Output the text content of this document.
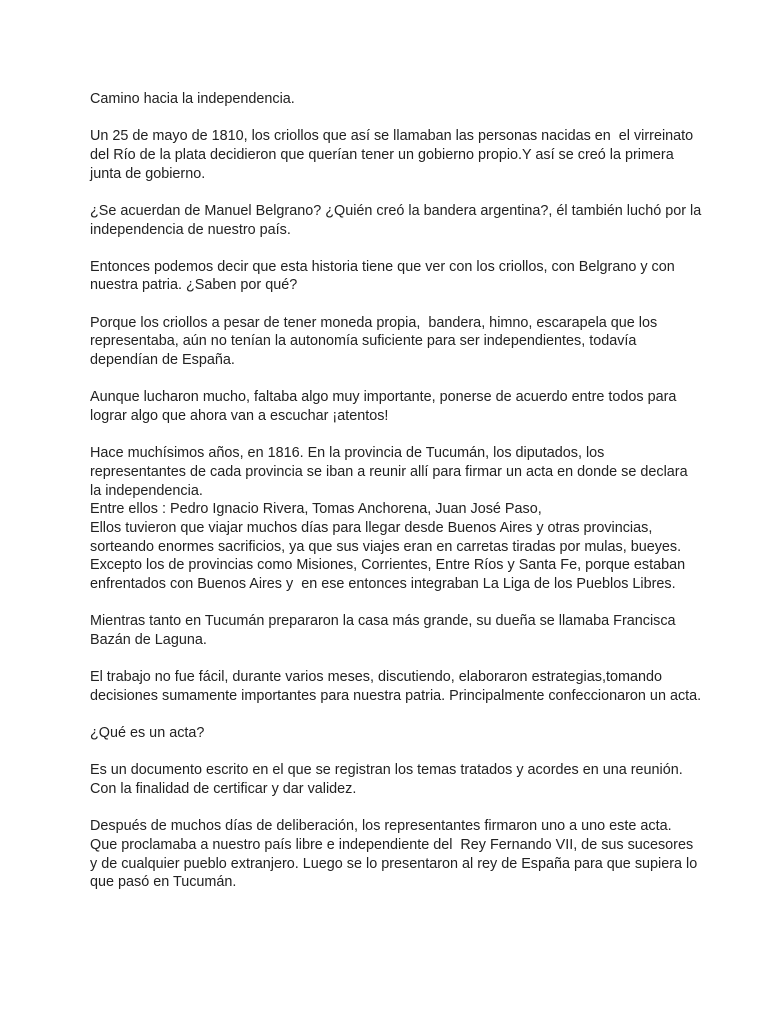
Camino hacia la independencia.
Un 25 de mayo de 1810, los criollos que así se llamaban las personas nacidas en  el virreinato
del Río de la plata decidieron que querían tener un gobierno propio.Y así se creó la primera
junta de gobierno.
¿Se acuerdan de Manuel Belgrano? ¿Quién creó la bandera argentina?, él también luchó por la
independencia de nuestro país.
Entonces podemos decir que esta historia tiene que ver con los criollos, con Belgrano y con
nuestra patria. ¿Saben por qué?
Porque los criollos a pesar de tener moneda propia,  bandera, himno, escarapela que los
representaba, aún no tenían la autonomía suficiente para ser independientes, todavía
dependían de España.
Aunque lucharon mucho, faltaba algo muy importante, ponerse de acuerdo entre todos para
lograr algo que ahora van a escuchar ¡atentos!
Hace muchísimos años, en 1816. En la provincia de Tucumán, los diputados, los
representantes de cada provincia se iban a reunir allí para firmar un acta en donde se declara
la independencia.
Entre ellos : Pedro Ignacio Rivera, Tomas Anchorena, Juan José Paso,
Ellos tuvieron que viajar muchos días para llegar desde Buenos Aires y otras provincias,
sorteando enormes sacrificios, ya que sus viajes eran en carretas tiradas por mulas, bueyes.
Excepto los de provincias como Misiones, Corrientes, Entre Ríos y Santa Fe, porque estaban
enfrentados con Buenos Aires y  en ese entonces integraban La Liga de los Pueblos Libres.
Mientras tanto en Tucumán prepararon la casa más grande, su dueña se llamaba Francisca
Bazán de Laguna.
El trabajo no fue fácil, durante varios meses, discutiendo, elaboraron estrategias,tomando
decisiones sumamente importantes para nuestra patria. Principalmente confeccionaron un acta.
¿Qué es un acta?
Es un documento escrito en el que se registran los temas tratados y acordes en una reunión.
Con la finalidad de certificar y dar validez.
Después de muchos días de deliberación, los representantes firmaron uno a uno este acta.
Que proclamaba a nuestro país libre e independiente del  Rey Fernando VII, de sus sucesores
y de cualquier pueblo extranjero. Luego se lo presentaron al rey de España para que supiera lo
que pasó en Tucumán.
